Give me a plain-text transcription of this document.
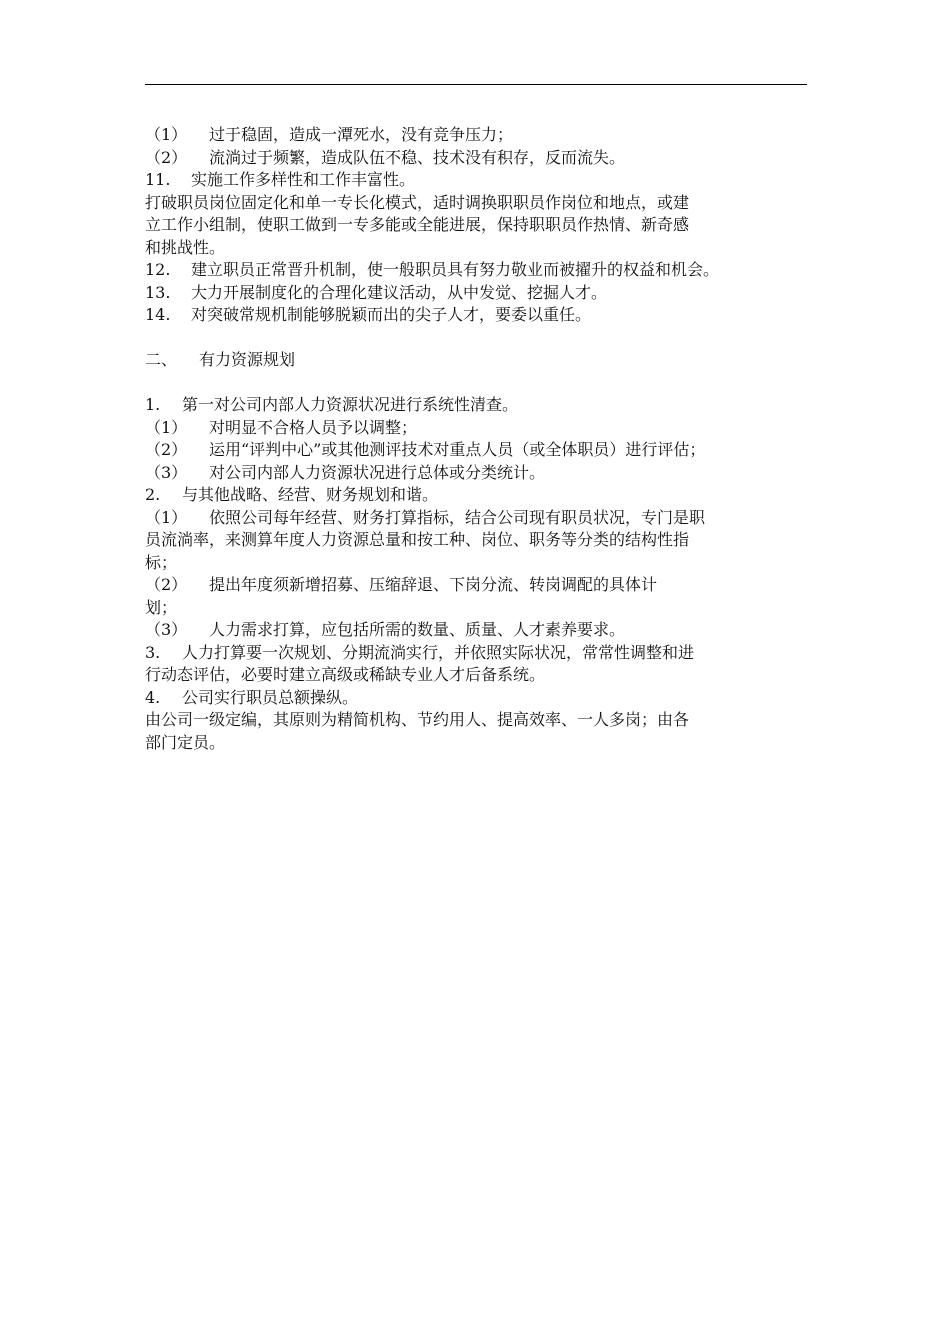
（1） 过于稳固，造成一潭死水，没有竞争压力；
（2） 流淌过于频繁，造成队伍不稳、技术没有积存，反而流失。
11. 实施工作多样性和工作丰富性。
打破职员岗位固定化和单一专长化模式，适时调换职职员作岗位和地点，或建
立工作小组制，使职工做到一专多能或全能进展，保持职职员作热情、新奇感
和挑战性。
12. 建立职员正常晋升机制，使一般职员具有努力敬业而被擢升的权益和机会。
13. 大力开展制度化的合理化建议活动，从中发觉、挖掘人才。
14. 对突破常规机制能够脱颖而出的尖子人才，要委以重任。
二、 有力资源规划
1. 第一对公司内部人力资源状况进行系统性清查。
（1） 对明显不合格人员予以调整；
（2） 运用“评判中心”或其他测评技术对重点人员（或全体职员）进行评估；
（3） 对公司内部人力资源状况进行总体或分类统计。
2. 与其他战略、经营、财务规划和谐。
（1） 依照公司每年经营、财务打算指标，结合公司现有职员状况，专门是职
员流淌率，来测算年度人力资源总量和按工种、岗位、职务等分类的结构性指
标；
（2） 提出年度须新增招募、压缩辞退、下岗分流、转岗调配的具体计
划；
（3） 人力需求打算，应包括所需的数量、质量、人才素养要求。
3. 人力打算要一次规划、分期流淌实行，并依照实际状况，常常性调整和进
行动态评估，必要时建立高级或稀缺专业人才后备系统。
4. 公司实行职员总额操纵。
由公司一级定编，其原则为精简机构、节约用人、提高效率、一人多岗；由各
部门定员。
